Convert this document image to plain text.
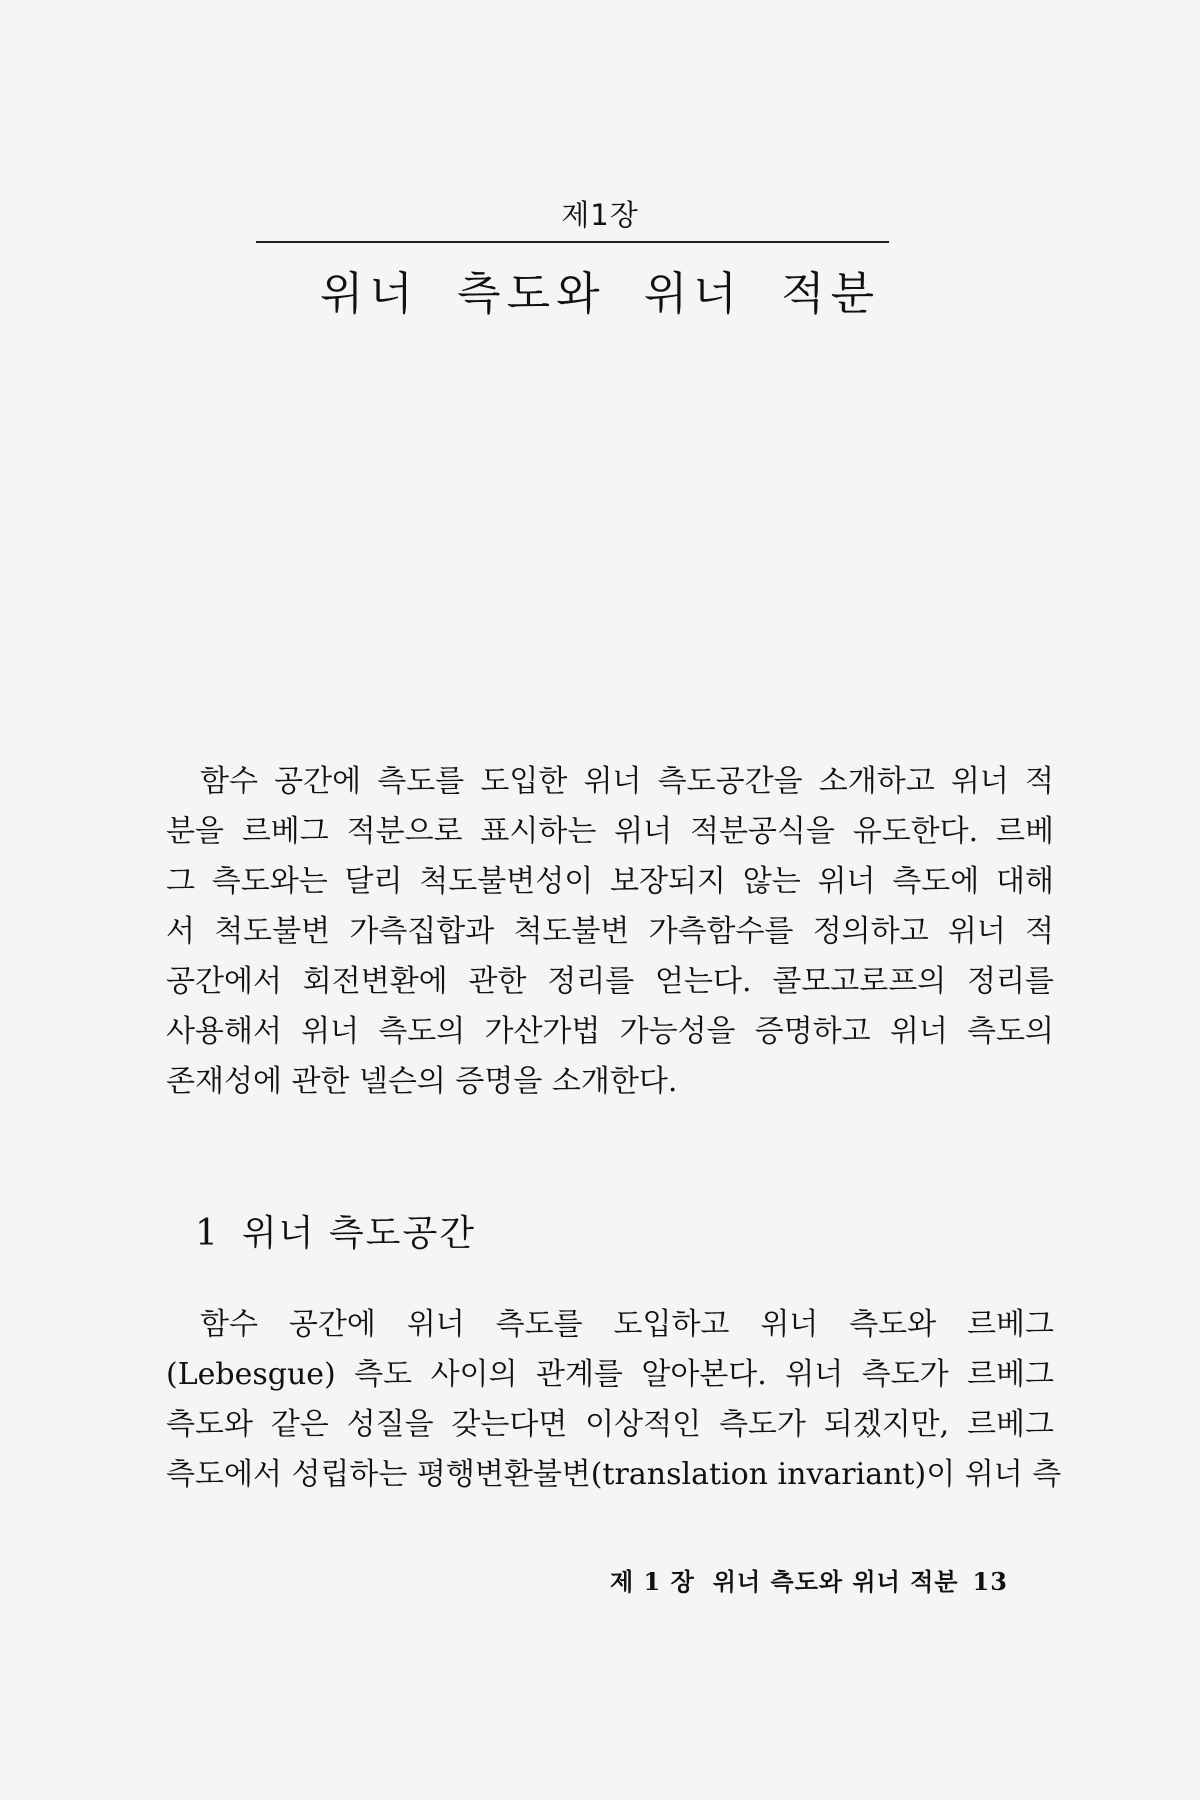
제1장
위너 측도와 위너 적분
함수 공간에 측도를 도입한 위너 측도공간을 소개하고 위너 적
분을 르베그 적분으로 표시하는 위너 적분공식을 유도한다. 르베
그 측도와는 달리 척도불변성이 보장되지 않는 위너 측도에 대해
서 척도불변 가측집합과 척도불변 가측함수를 정의하고 위너 적
공간에서 회전변환에 관한 정리를 얻는다. 콜모고로프의 정리를
사용해서 위너 측도의 가산가법 가능성을 증명하고 위너 측도의
존재성에 관한 넬슨의 증명을 소개한다.
1 위너 측도공간
함수 공간에 위너 측도를 도입하고 위너 측도와 르베그
(Lebesgue) 측도 사이의 관계를 알아본다. 위너 측도가 르베그
측도와 같은 성질을 갖는다면 이상적인 측도가 되겠지만, 르베그
측도에서 성립하는 평행변환불변(translation invariant)이 위너 측
제 1 장 위너 측도와 위너 적분 13
